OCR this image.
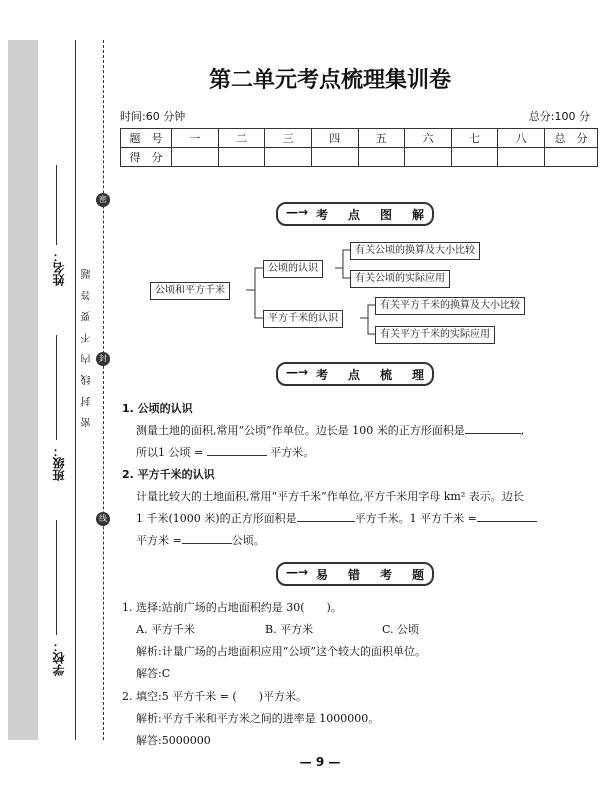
姓名：
班级：
学校：
密
密 封 线 内 不 要 答 题 封
线
第二单元考点梳理集训卷
时间:60 分钟	总分:100 分
题　号	一	二	三	四	五	六	七	八	总　分
得　分									
—→ 考 点 图 解
公顷和平方千米
公顷的认识
平方千米的认识
有关公顷的换算及大小比较
有关公顷的实际应用
有关平方千米的换算及大小比较
有关平方千米的实际应用
—→ 考 点 梳 理
1. 公顷的认识
测量土地的面积,常用“公顷”作单位。边长是 100 米的正方形面积是	,
所以1 公顷 =	平方米。
2. 平方千米的认识
计量比较大的土地面积,常用“平方千米”作单位,平方千米用字母 km² 表示。边长
1 千米(1000 米)的正方形面积是	平方千米。1 平方千米 =
平方米 =	公顷。
—→ 易 错 考 题
1. 选择:站前广场的占地面积约是 30(　　)。
A. 平方千米	B. 平方米	C. 公顷
解析:计量广场的占地面积应用“公顷”这个较大的面积单位。
解答:C
2. 填空:5 平方千米 = (　　)平方米。
解析:平方千米和平方米之间的进率是 1000000。
解答:5000000
— 9 —
